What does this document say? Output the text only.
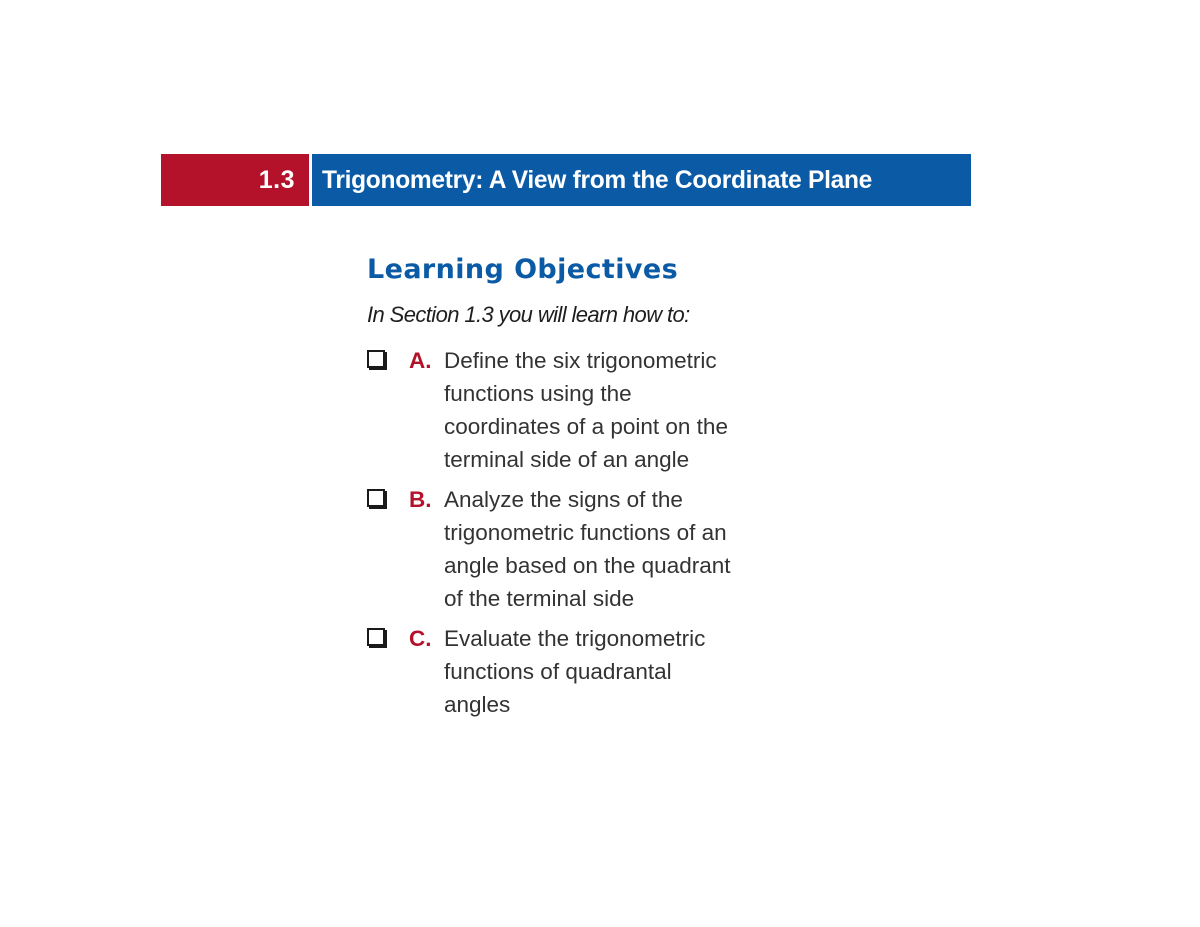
1.3	Trigonometry: A View from the Coordinate Plane
Learning Objectives

In Section 1.3 you will learn how to:

A. Define the six trigonometric functions using the coordinates of a point on the terminal side of an angle
B. Analyze the signs of the trigonometric functions of an angle based on the quadrant of the terminal side
C. Evaluate the trigonometric functions of quadrantal angles
